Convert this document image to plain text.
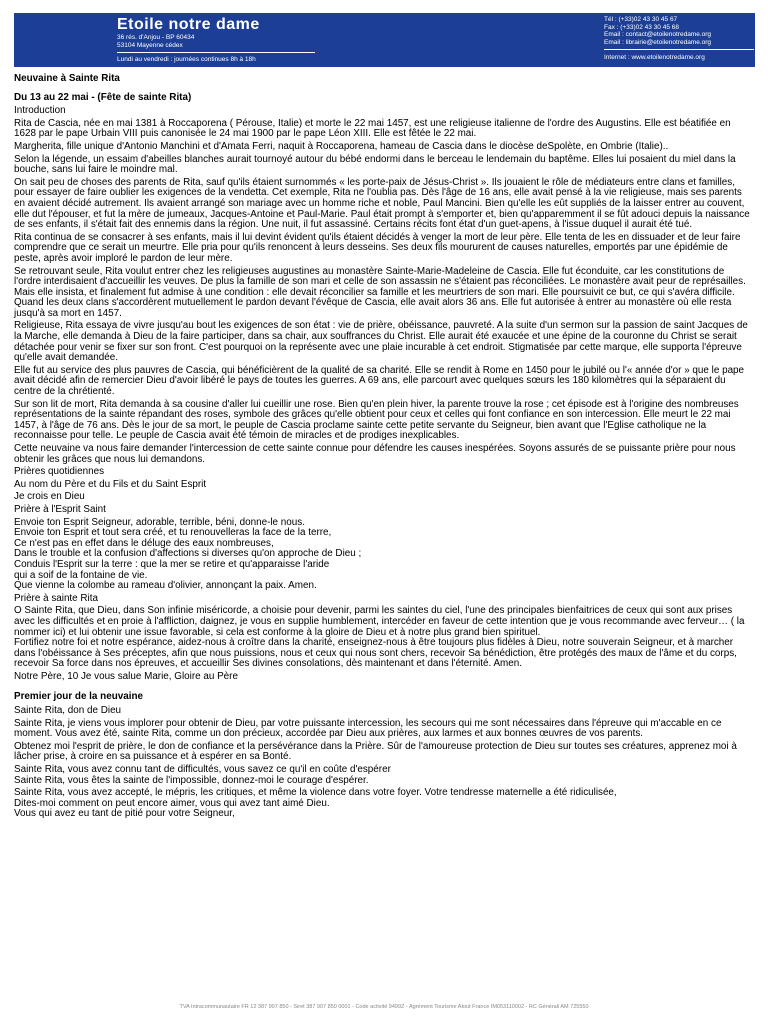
Etoile notre dame

36 rés. d'Anjou - BP 60434

53104 Mayenne cédex

Lundi au vendredi : journées continues 8h à 18h
Tél : (+33)02 43 30 45 67
Fax : (+33)02 43 30 45 68
Email : contact@etoilenotredame.org
Email : librairie@etoilenotredame.org
Internet : www.etoilenotredame.org

Neuvaine à Sainte Rita

Du 13 au 22 mai - (Fête de sainte Rita)

Introduction

Rita de Cascia, née en mai 1381 à Roccaporena ( Pérouse, Italie) et morte le 22 mai 1457, est une religieuse italienne de l'ordre des Augustins. Elle est béatifiée en 1628 par le pape Urbain VIII puis canonisée le 24 mai 1900 par le pape Léon XIII. Elle est fêtée le 22 mai.

Margherita, fille unique d'Antonio Manchini et d'Amata Ferri, naquit à Roccaporena, hameau de Cascia dans le diocèse deSpolète, en Ombrie (Italie)..

Selon la légende, un essaim d'abeilles blanches aurait tournoyé autour du bébé endormi dans le berceau le lendemain du baptême. Elles lui posaient du miel dans la bouche, sans lui faire le moindre mal.

On sait peu de choses des parents de Rita, sauf qu'ils étaient surnommés « les porte-paix de Jésus-Christ ». Ils jouaient le rôle de médiateurs entre clans et familles, pour essayer de faire oublier les exigences de la vendetta. Cet exemple, Rita ne l'oublia pas. Dès l'âge de 16 ans, elle avait pensé à la vie religieuse, mais ses parents en avaient décidé autrement. Ils avaient arrangé son mariage avec un homme riche et noble, Paul Mancini. Bien qu'elle les eût suppliés de la laisser entrer au couvent, elle dut l'épouser, et fut la mère de jumeaux, Jacques-Antoine et Paul-Marie. Paul était prompt à s'emporter et, bien qu'apparemment il se fût adouci depuis la naissance de ses enfants, il s'était fait des ennemis dans la région. Une nuit, il fut assassiné. Certains récits font état d'un guet-apens, à l'issue duquel il aurait été tué.

Rita continua de se consacrer à ses enfants, mais il lui devint évident qu'ils étaient décidés à venger la mort de leur père. Elle tenta de les en dissuader et de leur faire comprendre que ce serait un meurtre. Elle pria pour qu'ils renoncent à leurs desseins. Ses deux fils moururent de causes naturelles, emportés par une épidémie de peste, après avoir imploré le pardon de leur mère.

Se retrouvant seule, Rita voulut entrer chez les religieuses augustines au monastère Sainte-Marie-Madeleine de Cascia. Elle fut éconduite, car les constitutions de l'ordre interdisaient d'accueillir les veuves. De plus la famille de son mari et celle de son assassin ne s'étaient pas réconciliées. Le monastère avait peur de représailles. Mais elle insista, et finalement fut admise à une condition : elle devait réconcilier sa famille et les meurtriers de son mari. Elle poursuivit ce but, ce qui s'avéra difficile. Quand les deux clans s'accordèrent mutuellement le pardon devant l'évêque de Cascia, elle avait alors 36 ans. Elle fut autorisée à entrer au monastère où elle resta jusqu'à sa mort en 1457.

Religieuse, Rita essaya de vivre jusqu'au bout les exigences de son état : vie de prière, obéissance, pauvreté. A la suite d'un sermon sur la passion de saint Jacques de la Marche, elle demanda à Dieu de la faire participer, dans sa chair, aux souffrances du Christ. Elle aurait été exaucée et une épine de la couronne du Christ se serait détachée pour venir se fixer sur son front. C'est pourquoi on la représente avec une plaie incurable à cet endroit. Stigmatisée par cette marque, elle supporta l'épreuve qu'elle avait demandée.

Elle fut au service des plus pauvres de Cascia, qui bénéficièrent de la qualité de sa charité. Elle se rendit à Rome en 1450 pour le jubilé ou l'« année d'or » que le pape avait décidé afin de remercier Dieu d'avoir libéré le pays de toutes les guerres. A 69 ans, elle parcourt avec quelques sœurs les 180 kilomètres qui la séparaient du centre de la chrétienté.

Sur son lit de mort, Rita demanda à sa cousine d'aller lui cueillir une rose. Bien qu'en plein hiver, la parente trouve la rose ; cet épisode est à l'origine des nombreuses représentations de la sainte répandant des roses, symbole des grâces qu'elle obtient pour ceux et celles qui font confiance en son intercession. Elle meurt le 22 mai 1457, à l'âge de 76 ans. Dès le jour de sa mort, le peuple de Cascia proclame sainte cette petite servante du Seigneur, bien avant que l'Eglise catholique ne la reconnaisse pour telle. Le peuple de Cascia avait été témoin de miracles et de prodiges inexplicables.

Cette neuvaine va nous faire demander l'intercession de cette sainte connue pour défendre les causes inespérées. Soyons assurés de se puissante prière pour nous obtenir les grâces que nous lui demandons.

Prières quotidiennes

Au nom du Père et du Fils et du Saint Esprit

Je crois en Dieu

Prière à l'Esprit Saint

Envoie ton Esprit Seigneur, adorable, terrible, béni, donne-le nous.

Envoie ton Esprit et tout sera créé, et tu renouvelleras la face de la terre,

Ce n'est pas en effet dans le déluge des eaux nombreuses,

Dans le trouble et la confusion d'affections si diverses qu'on approche de Dieu ;

Conduis l'Esprit sur la terre : que la mer se retire et qu'apparaisse l'aride

qui a soif de la fontaine de vie.

Que vienne la colombe au rameau d'olivier, annonçant la paix. Amen.

Prière à sainte Rita

O Sainte Rita, que Dieu, dans Son infinie miséricorde, a choisie pour devenir, parmi les saintes du ciel, l'une des principales bienfaitrices de ceux qui sont aux prises avec les difficultés et en proie à l'affliction, daignez, je vous en supplie humblement, intercéder en faveur de cette intention que je vous recommande avec ferveur… ( la nommer ici) et lui obtenir une issue favorable, si cela est conforme à la gloire de Dieu et à notre plus grand bien spirituel.

Fortifiez notre foi et notre espérance, aidez-nous à croître dans la charité, enseignez-nous à être toujours plus fidèles à Dieu, notre souverain Seigneur, et à marcher dans l'obéissance à Ses préceptes, afin que nous puissions, nous et ceux qui nous sont chers, recevoir Sa bénédiction, être protégés des maux de l'âme et du corps, recevoir Sa force dans nos épreuves, et accueillir Ses divines consolations, dès maintenant et dans l'éternité. Amen.

Notre Père, 10 Je vous salue Marie, Gloire au Père

Premier jour de la neuvaine

Sainte Rita, don de Dieu

Sainte Rita, je viens vous implorer pour obtenir de Dieu, par votre puissante intercession, les secours qui me sont nécessaires dans l'épreuve qui m'accable en ce moment. Vous avez été, sainte Rita, comme un don précieux, accordée par Dieu aux prières, aux larmes et aux bonnes œuvres de vos parents.

Obtenez moi l'esprit de prière, le don de confiance et la persévérance dans la Prière. Sûr de l'amoureuse protection de Dieu sur toutes ses créatures, apprenez moi à lâcher prise, à croire en sa puissance et à espérer en sa Bonté.

Sainte Rita, vous avez connu tant de difficultés, vous savez ce qu'il en coûte d'espérer

Sainte Rita, vous êtes la sainte de l'impossible, donnez-moi le courage d'espérer.

Sainte Rita, vous avez accepté, le mépris, les critiques, et même la violence dans votre foyer. Votre tendresse maternelle a été ridiculisée,

Dites-moi comment on peut encore aimer, vous qui avez tant aimé Dieu.

Vous qui avez eu tant de pitié pour votre Seigneur,

TVA Intracommunautaire FR 12 387 907 850 - Siret 387 907 850 0001 - Code activité 9499Z - Agrément Tourisme Atout France IM053110002 - RC Générali AM 725550
